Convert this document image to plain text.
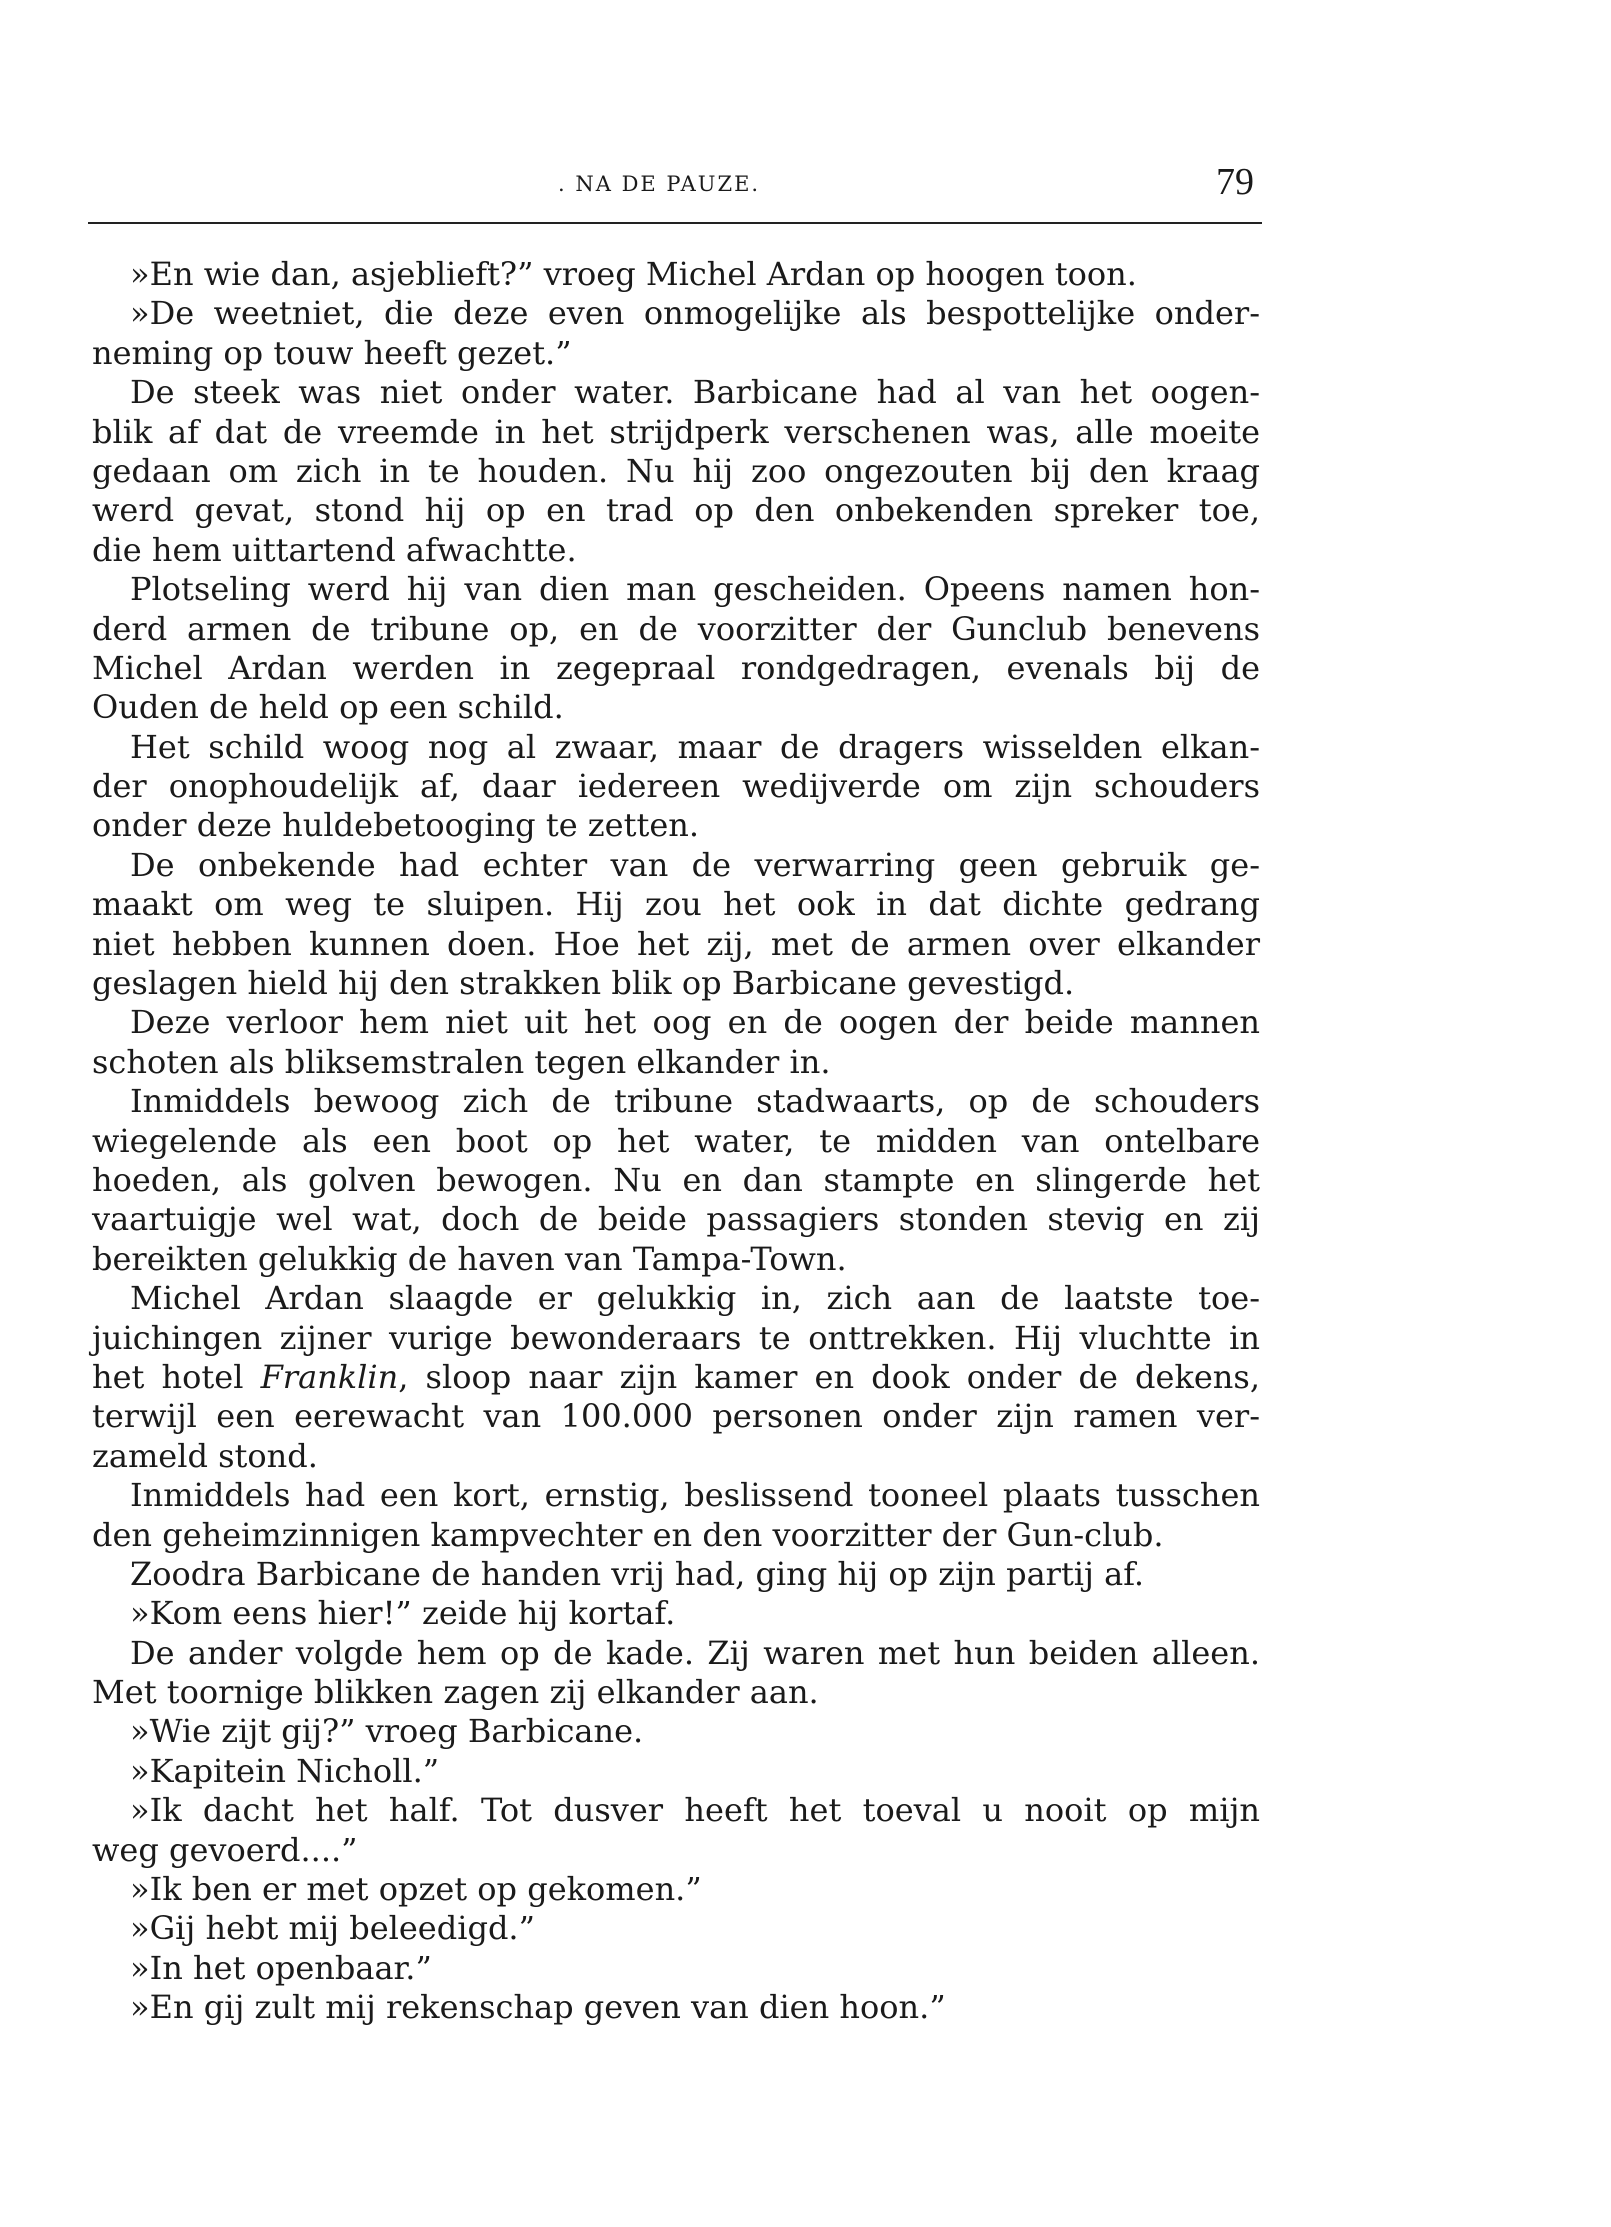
. NA DE PAUZE.	79
»En wie dan, asjeblieft?” vroeg Michel Ardan op hoogen toon.
»De weetniet, die deze even onmogelijke als bespottelijke onder-
neming op touw heeft gezet.”
De steek was niet onder water. Barbicane had al van het oogen-
blik af dat de vreemde in het strijdperk verschenen was, alle moeite
gedaan om zich in te houden. Nu hij zoo ongezouten bij den kraag
werd gevat, stond hij op en trad op den onbekenden spreker toe,
die hem uittartend afwachtte.
Plotseling werd hij van dien man gescheiden. Opeens namen hon-
derd armen de tribune op, en de voorzitter der Gunclub benevens
Michel Ardan werden in zegepraal rondgedragen, evenals bij de
Ouden de held op een schild.
Het schild woog nog al zwaar, maar de dragers wisselden elkan-
der onophoudelijk af, daar iedereen wedijverde om zijn schouders
onder deze huldebetooging te zetten.
De onbekende had echter van de verwarring geen gebruik ge-
maakt om weg te sluipen. Hij zou het ook in dat dichte gedrang
niet hebben kunnen doen. Hoe het zij, met de armen over elkander
geslagen hield hij den strakken blik op Barbicane gevestigd.
Deze verloor hem niet uit het oog en de oogen der beide mannen
schoten als bliksemstralen tegen elkander in.
Inmiddels bewoog zich de tribune stadwaarts, op de schouders
wiegelende als een boot op het water, te midden van ontelbare
hoeden, als golven bewogen. Nu en dan stampte en slingerde het
vaartuigje wel wat, doch de beide passagiers stonden stevig en zij
bereikten gelukkig de haven van Tampa-Town.
Michel Ardan slaagde er gelukkig in, zich aan de laatste toe-
juichingen zijner vurige bewonderaars te onttrekken. Hij vluchtte in
het hotel Franklin, sloop naar zijn kamer en dook onder de dekens,
terwijl een eerewacht van 100.000 personen onder zijn ramen ver-
zameld stond.
Inmiddels had een kort, ernstig, beslissend tooneel plaats tusschen
den geheimzinnigen kampvechter en den voorzitter der Gun-club.
Zoodra Barbicane de handen vrij had, ging hij op zijn partij af.
»Kom eens hier!” zeide hij kortaf.
De ander volgde hem op de kade. Zij waren met hun beiden alleen.
Met toornige blikken zagen zij elkander aan.
»Wie zijt gij?” vroeg Barbicane.
»Kapitein Nicholl.”
»Ik dacht het half. Tot dusver heeft het toeval u nooit op mijn
weg gevoerd....”
»Ik ben er met opzet op gekomen.”
»Gij hebt mij beleedigd.”
»In het openbaar.”
»En gij zult mij rekenschap geven van dien hoon.”
